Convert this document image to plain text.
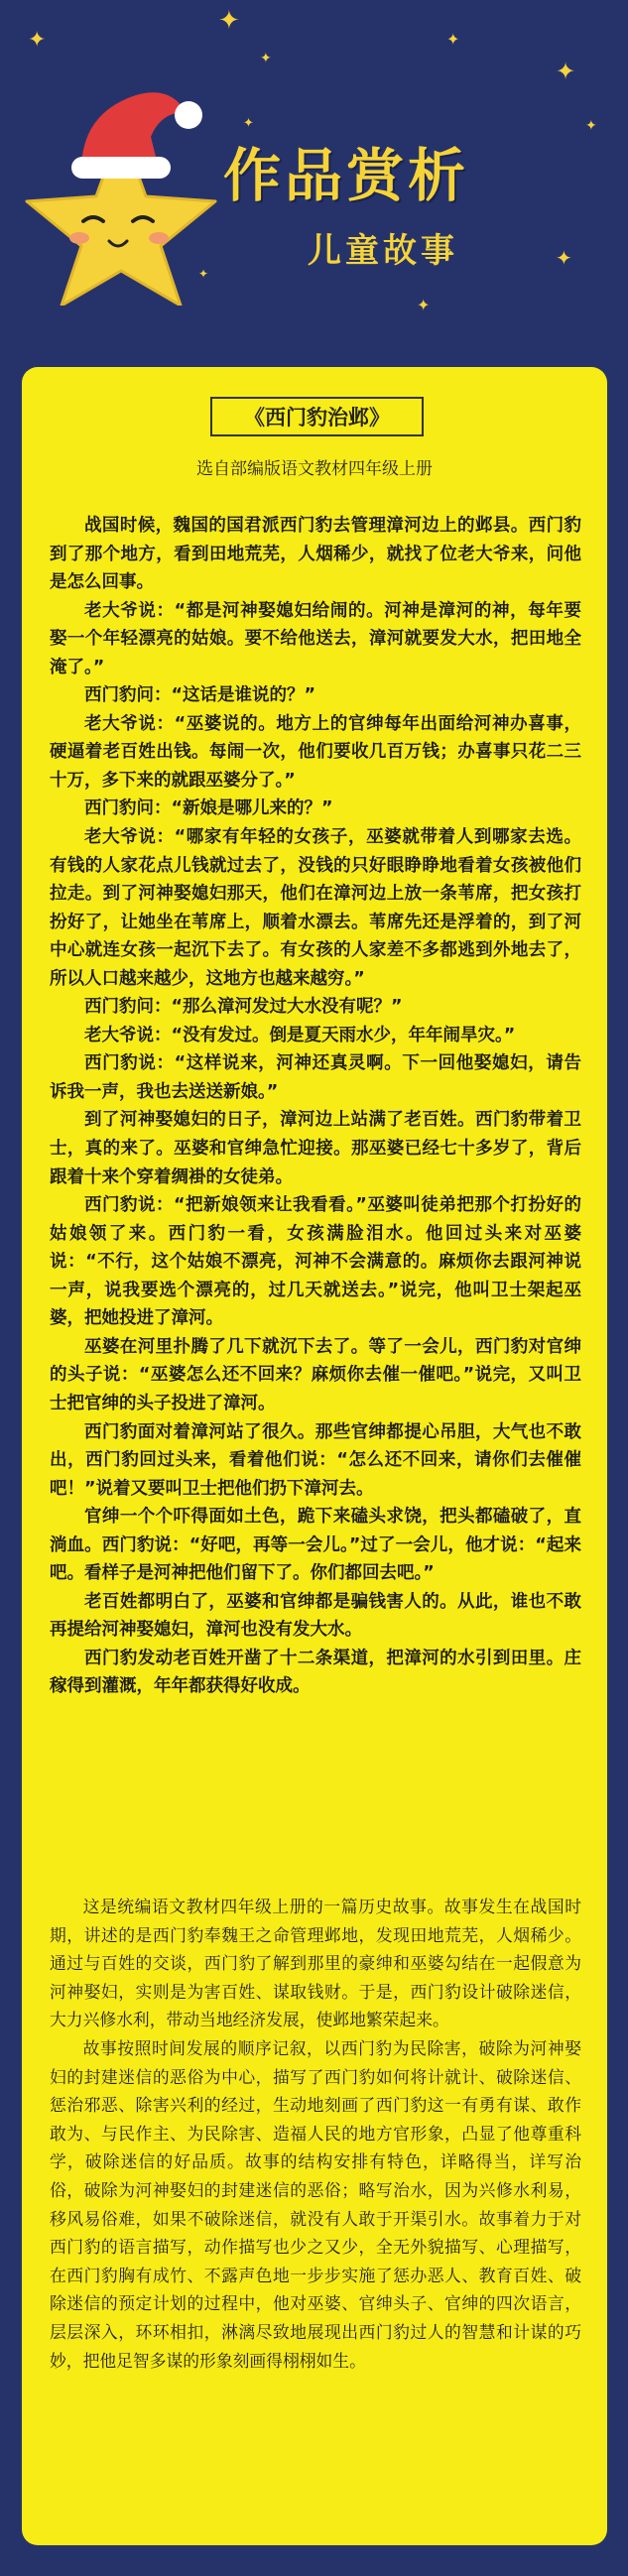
✦
✦
✦
✦
✦
✦
✦
✦
✦
✦
作品赏析
儿童故事
《西门豹治邺》
选自部编版语文教材四年级上册

战国时候，魏国的国君派西门豹去管理漳河边上的邺县。西门豹到了那个地方，看到田地荒芜，人烟稀少，就找了位老大爷来，问他是怎么回事。

老大爷说：“都是河神娶媳妇给闹的。河神是漳河的神，每年要娶一个年轻漂亮的姑娘。要不给他送去，漳河就要发大水，把田地全淹了。”

西门豹问：“这话是谁说的？”

老大爷说：“巫婆说的。地方上的官绅每年出面给河神办喜事，硬逼着老百姓出钱。每闹一次，他们要收几百万钱；办喜事只花二三十万，多下来的就跟巫婆分了。”

西门豹问：“新娘是哪儿来的？”

老大爷说：“哪家有年轻的女孩子，巫婆就带着人到哪家去选。有钱的人家花点儿钱就过去了，没钱的只好眼睁睁地看着女孩被他们拉走。到了河神娶媳妇那天，他们在漳河边上放一条苇席，把女孩打扮好了，让她坐在苇席上，顺着水漂去。苇席先还是浮着的，到了河中心就连女孩一起沉下去了。有女孩的人家差不多都逃到外地去了，所以人口越来越少，这地方也越来越穷。”

西门豹问：“那么漳河发过大水没有呢？”

老大爷说：“没有发过。倒是夏天雨水少，年年闹旱灾。”

西门豹说：“这样说来，河神还真灵啊。下一回他娶媳妇，请告诉我一声，我也去送送新娘。”

到了河神娶媳妇的日子，漳河边上站满了老百姓。西门豹带着卫士，真的来了。巫婆和官绅急忙迎接。那巫婆已经七十多岁了，背后跟着十来个穿着绸褂的女徒弟。

西门豹说：“把新娘领来让我看看。”巫婆叫徒弟把那个打扮好的姑娘领了来。西门豹一看，女孩满脸泪水。他回过头来对巫婆说：“不行，这个姑娘不漂亮，河神不会满意的。麻烦你去跟河神说一声，说我要选个漂亮的，过几天就送去。”说完，他叫卫士架起巫婆，把她投进了漳河。

巫婆在河里扑腾了几下就沉下去了。等了一会儿，西门豹对官绅的头子说：“巫婆怎么还不回来？麻烦你去催一催吧。”说完，又叫卫士把官绅的头子投进了漳河。

西门豹面对着漳河站了很久。那些官绅都提心吊胆，大气也不敢出，西门豹回过头来，看着他们说：“怎么还不回来，请你们去催催吧！”说着又要叫卫士把他们扔下漳河去。

官绅一个个吓得面如土色，跪下来磕头求饶，把头都磕破了，直淌血。西门豹说：“好吧，再等一会儿。”过了一会儿，他才说：“起来吧。看样子是河神把他们留下了。你们都回去吧。”

老百姓都明白了，巫婆和官绅都是骗钱害人的。从此，谁也不敢再提给河神娶媳妇，漳河也没有发大水。

西门豹发动老百姓开凿了十二条渠道，把漳河的水引到田里。庄稼得到灌溉，年年都获得好收成。

这是统编语文教材四年级上册的一篇历史故事。故事发生在战国时期，讲述的是西门豹奉魏王之命管理邺地，发现田地荒芜，人烟稀少。通过与百姓的交谈，西门豹了解到那里的豪绅和巫婆勾结在一起假意为河神娶妇，实则是为害百姓、谋取钱财。于是，西门豹设计破除迷信，大力兴修水利，带动当地经济发展，使邺地繁荣起来。

故事按照时间发展的顺序记叙，以西门豹为民除害，破除为河神娶妇的封建迷信的恶俗为中心，描写了西门豹如何将计就计、破除迷信、惩治邪恶、除害兴利的经过，生动地刻画了西门豹这一有勇有谋、敢作敢为、与民作主、为民除害、造福人民的地方官形象，凸显了他尊重科学，破除迷信的好品质。故事的结构安排有特色，详略得当，详写治俗，破除为河神娶妇的封建迷信的恶俗；略写治水，因为兴修水利易，移风易俗难，如果不破除迷信，就没有人敢于开渠引水。故事着力于对西门豹的语言描写，动作描写也少之又少，全无外貌描写、心理描写，在西门豹胸有成竹、不露声色地一步步实施了惩办恶人、教育百姓、破除迷信的预定计划的过程中，他对巫婆、官绅头子、官绅的四次语言，层层深入，环环相扣，淋漓尽致地展现出西门豹过人的智慧和计谋的巧妙，把他足智多谋的形象刻画得栩栩如生。
